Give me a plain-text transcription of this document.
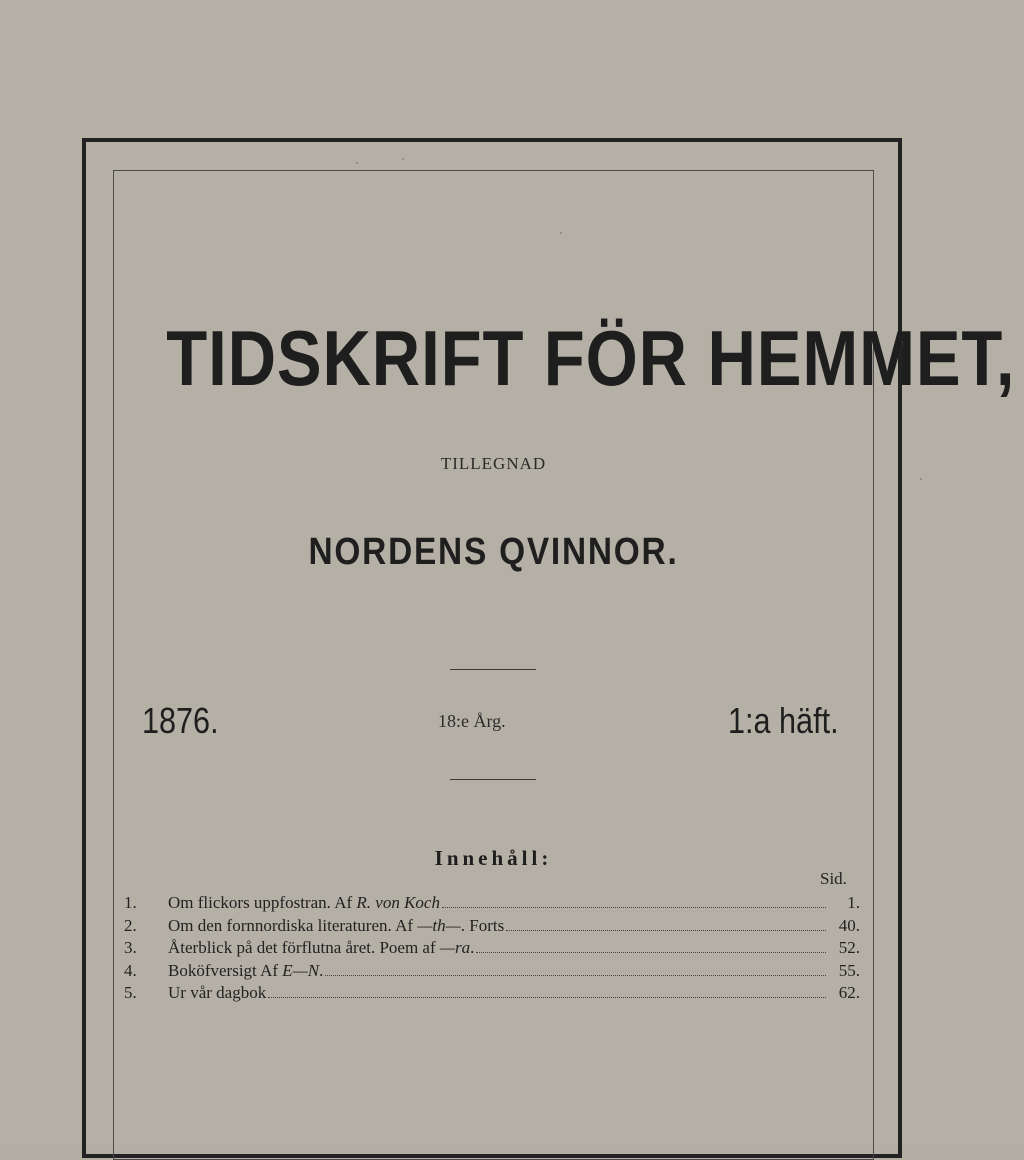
TIDSKRIFT FÖR HEMMET,
TILLEGNAD
NORDENS QVINNOR.
1876.	18:e Årg.	1:a häft.
Innehåll:
Sid.
1.	Om flickors uppfostran. Af R. von Koch	1.
2.	Om den fornnordiska literaturen. Af —th—. Forts	40.
3.	Återblick på det förflutna året. Poem af —ra.	52.
4.	Boköfversigt Af E—N.	55.
5.	Ur vår dagbok	62.
